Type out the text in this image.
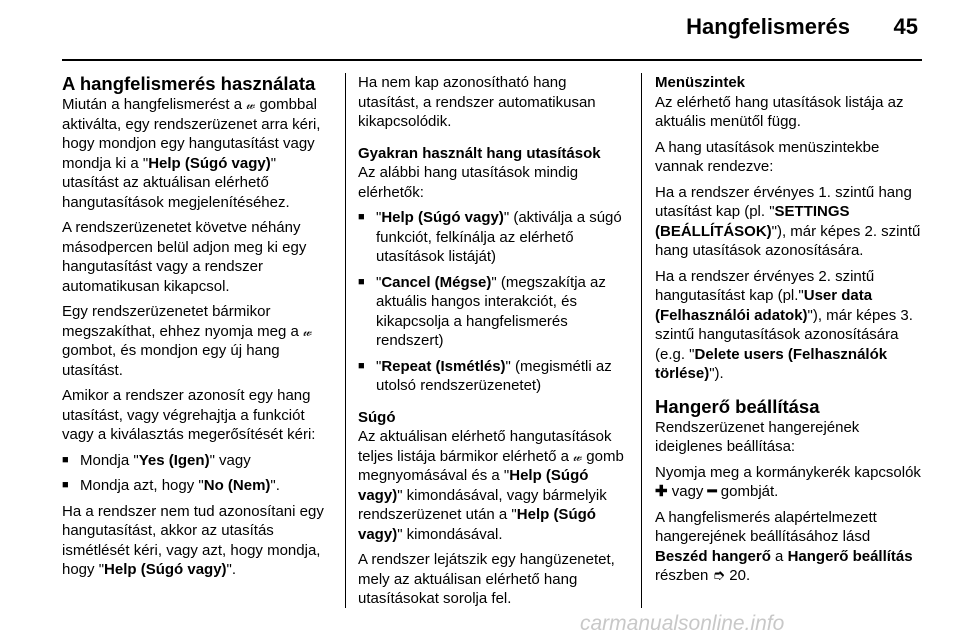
Hangfelismerés 45
A hangfelismerés használata

Miután a hangfelismerést a 𝓌 gombbal aktiválta, egy rendszerüzenet arra kéri, hogy mondjon egy hangutasítást vagy mondja ki a "Help (Súgó vagy)" utasítást az aktuálisan elérhető hangutasítások megjelenítéséhez.

A rendszerüzenetet követve néhány másodpercen belül adjon meg ki egy hangutasítást vagy a rendszer automatikusan kikapcsol.

Egy rendszerüzenetet bármikor megszakíthat, ehhez nyomja meg a 𝓌 gombot, és mondjon egy új hang utasítást.

Amikor a rendszer azonosít egy hang utasítást, vagy végrehajtja a funkciót vagy a kiválasztás megerősítését kéri:

■ Mondja "Yes (Igen)" vagy
■ Mondja azt, hogy "No (Nem)".

Ha a rendszer nem tud azonosítani egy hangutasítást, akkor az utasítás ismétlését kéri, vagy azt, hogy mondja, hogy "Help (Súgó vagy)".

Ha nem kap azonosítható hang utasítást, a rendszer automatikusan kikapcsolódik.

Gyakran használt hang utasítások

Az alábbi hang utasítások mindig elérhetők:

■ "Help (Súgó vagy)" (aktiválja a súgó funkciót, felkínálja az elérhető utasítások listáját)
■ "Cancel (Mégse)" (megszakítja az aktuális hangos interakciót, és kikapcsolja a hangfelismerés rendszert)
■ "Repeat (Ismétlés)" (megismétli az utolsó rendszerüzenetet)
Súgó

Az aktuálisan elérhető hangutasítások teljes listája bármikor elérhető a 𝓌 gomb megnyomásával és a "Help (Súgó vagy)" kimondásával, vagy bármelyik rendszerüzenet után a "Help (Súgó vagy)" kimondásával.

A rendszer lejátszik egy hangüzenetet, mely az aktuálisan elérhető hang utasításokat sorolja fel.

Menüszintek

Az elérhető hang utasítások listája az aktuális menütől függ.

A hang utasítások menüszintekbe vannak rendezve:

Ha a rendszer érvényes 1. szintű hang utasítást kap (pl. "SETTINGS (BEÁLLÍTÁSOK)"), már képes 2. szintű hang utasítások azonosítására.

Ha a rendszer érvényes 2. szintű hangutasítást kap (pl."User data (Felhasználói adatok)"), már képes 3. szintű hangutasítások azonosítására (e.g. "Delete users (Felhasználók törlése)").

Hangerő beállítása

Rendszerüzenet hangerejének ideiglenes beállítása:

Nyomja meg a kormánykerék kapcsolók ✚ vagy ━ gombját.

A hangfelismerés alapértelmezett hangerejének beállításához lásd Beszéd hangerő a Hangerő beállítás részben ➮ 20.

carmanualsonline.info
